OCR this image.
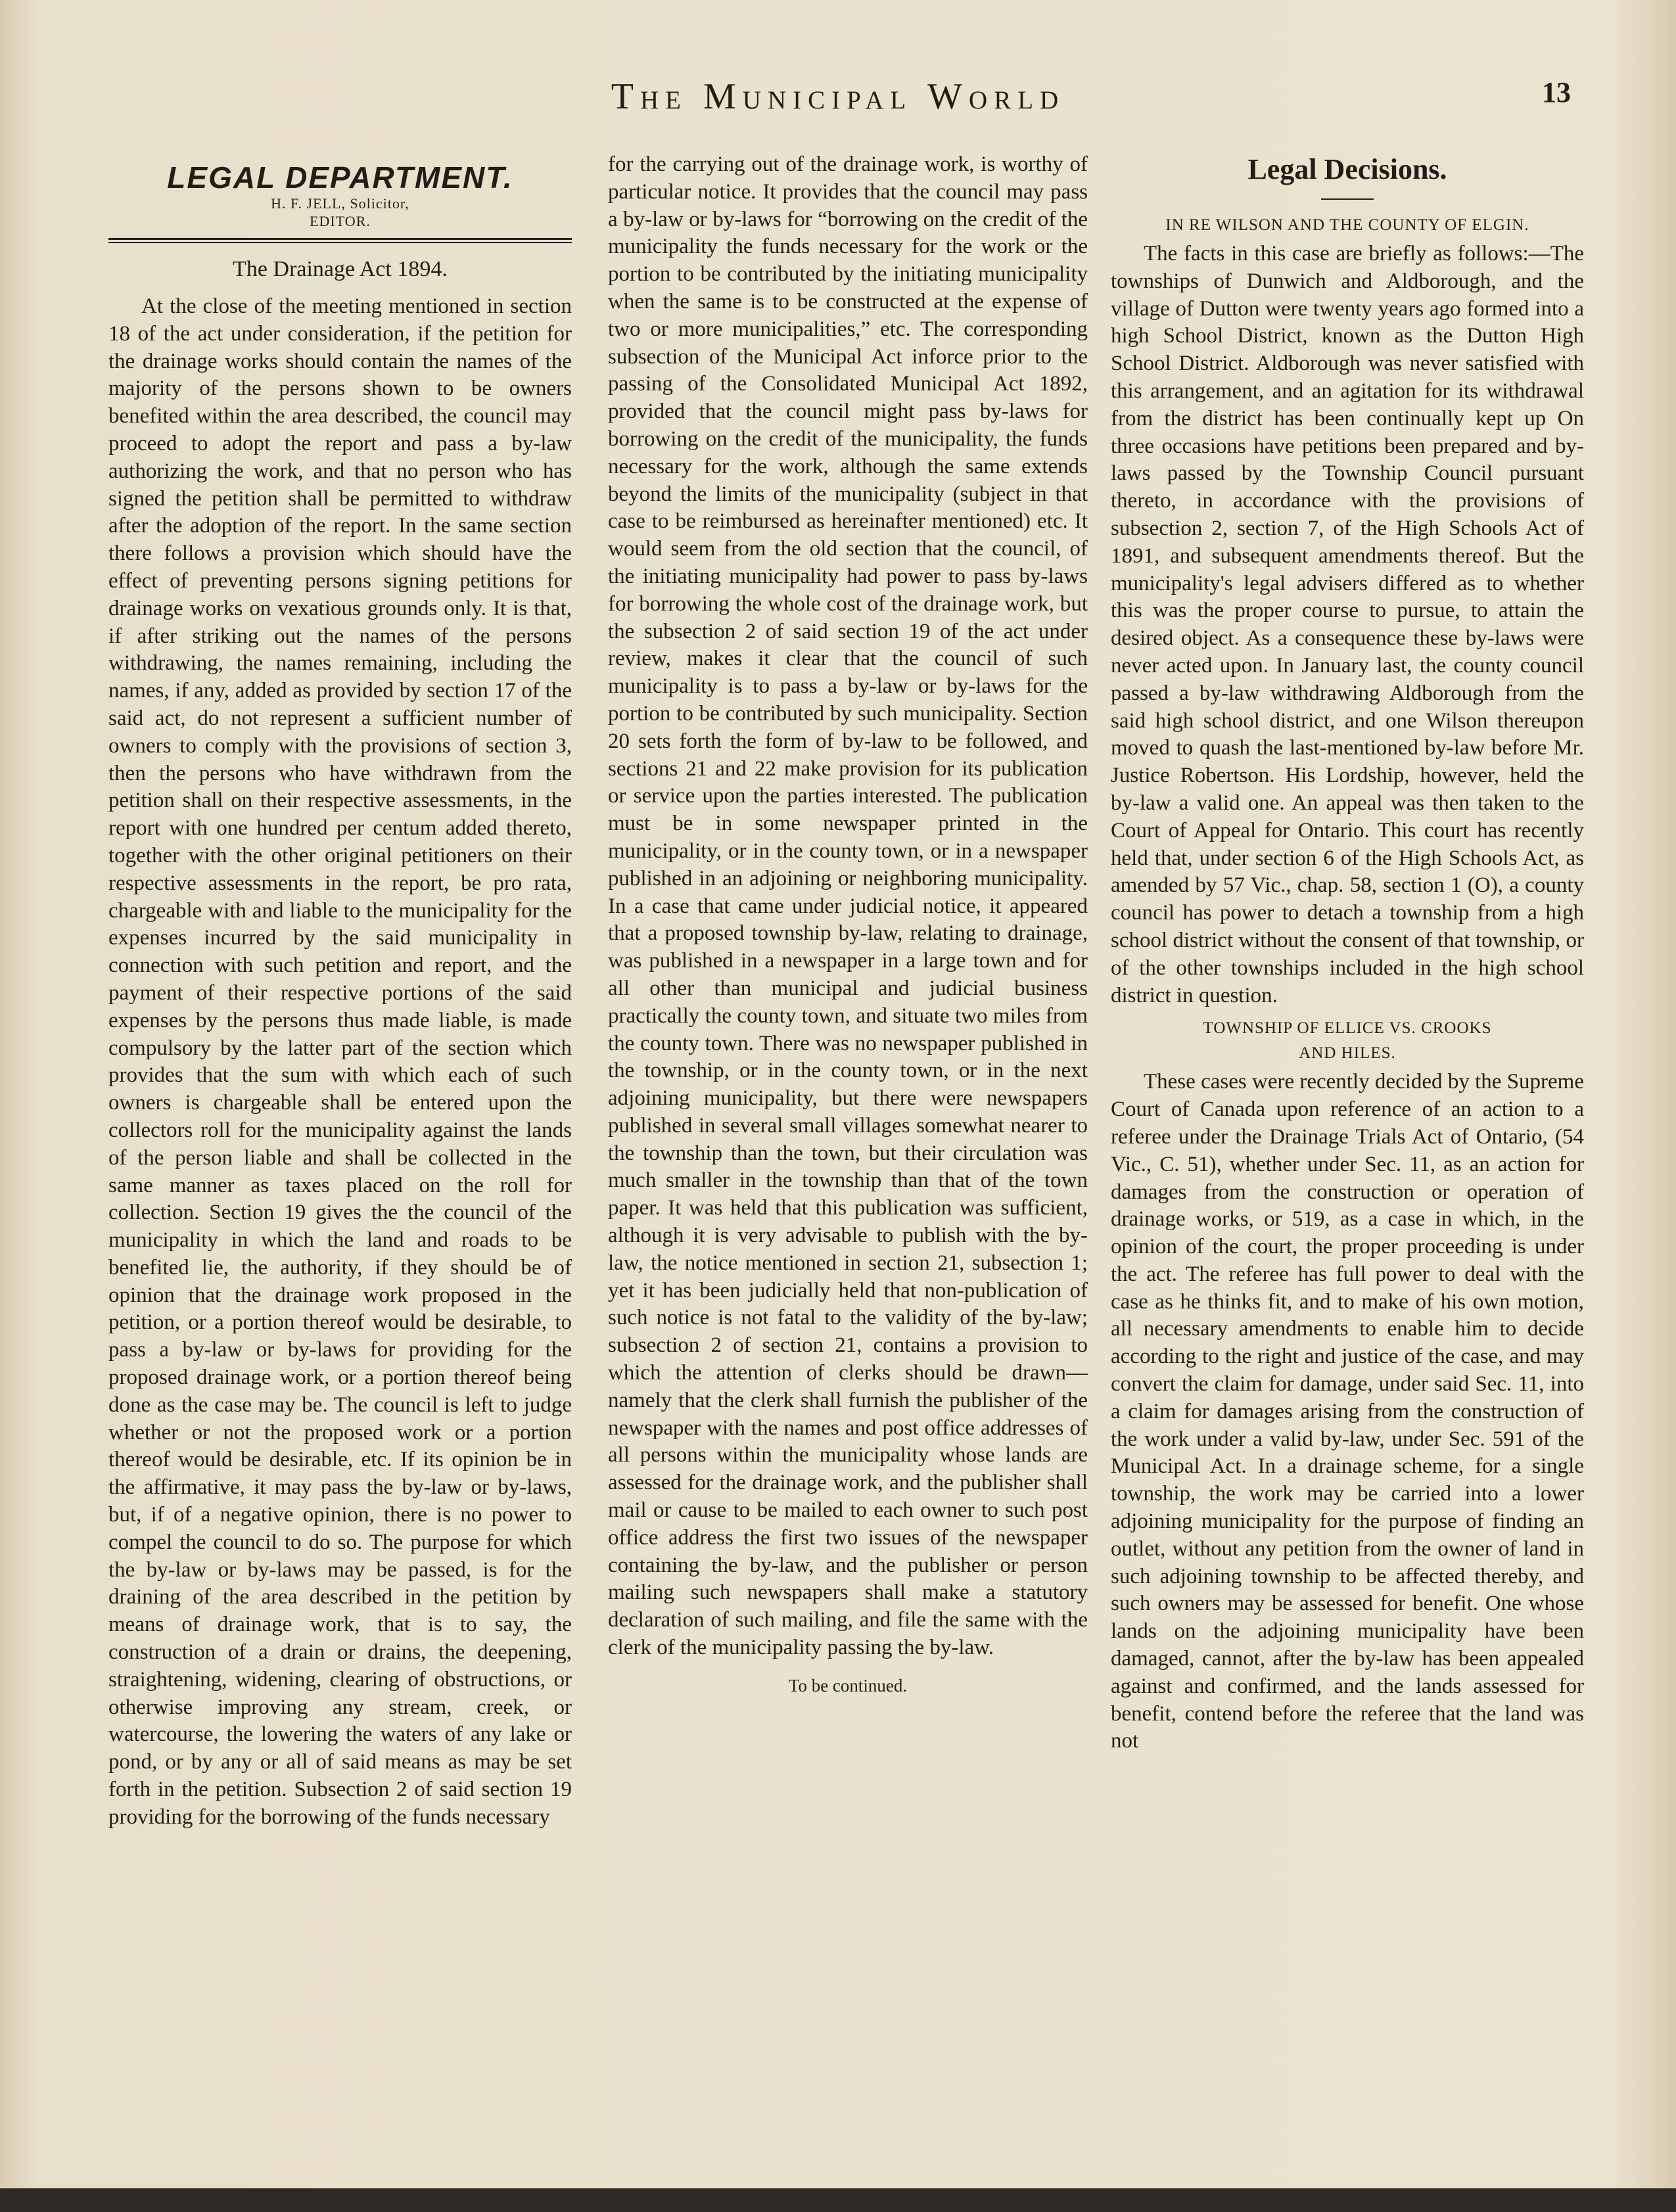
The Municipal World	13
LEGAL DEPARTMENT.
H. F. JELL, Solicitor,
EDITOR.
The Drainage Act 1894.

At the close of the meeting mentioned in section 18 of the act under consideration, if the petition for the drainage works should contain the names of the majority of the persons shown to be owners benefited within the area described, the council may proceed to adopt the report and pass a by-law authorizing the work, and that no person who has signed the petition shall be permitted to withdraw after the adoption of the report. In the same section there follows a provision which should have the effect of preventing persons signing petitions for drainage works on vexatious grounds only. It is that, if after striking out the names of the persons withdrawing, the names remaining, including the names, if any, added as provided by section 17 of the said act, do not represent a sufficient number of owners to comply with the provisions of section 3, then the persons who have withdrawn from the petition shall on their respective assessments, in the report with one hundred per centum added thereto, together with the other original petitioners on their respective assessments in the report, be pro rata, chargeable with and liable to the municipality for the expenses incurred by the said municipality in connection with such petition and report, and the payment of their respective portions of the said expenses by the persons thus made liable, is made compulsory by the latter part of the section which provides that the sum with which each of such owners is chargeable shall be entered upon the collectors roll for the municipality against the lands of the person liable and shall be collected in the same manner as taxes placed on the roll for collection. Section 19 gives the the council of the municipality in which the land and roads to be benefited lie, the authority, if they should be of opinion that the drainage work proposed in the petition, or a portion thereof would be desirable, to pass a by-law or by-laws for providing for the proposed drainage work, or a portion thereof being done as the case may be. The council is left to judge whether or not the proposed work or a portion thereof would be desirable, etc. If its opinion be in the affirmative, it may pass the by-law or by-laws, but, if of a negative opinion, there is no power to compel the council to do so. The purpose for which the by-law or by-laws may be passed, is for the draining of the area described in the petition by means of drainage work, that is to say, the construction of a drain or drains, the deepening, straightening, widening, clearing of obstructions, or otherwise improving any stream, creek, or watercourse, the lowering the waters of any lake or pond, or by any or all of said means as may be set forth in the petition. Subsection 2 of said section 19 providing for the borrowing of the funds necessary

for the carrying out of the drainage work, is worthy of particular notice. It provides that the council may pass a by-law or by-laws for “borrowing on the credit of the municipality the funds necessary for the work or the portion to be contributed by the initiating municipality when the same is to be constructed at the expense of two or more municipalities,” etc. The corresponding subsection of the Municipal Act inforce prior to the passing of the Consolidated Municipal Act 1892, provided that the council might pass by-laws for borrowing on the credit of the municipality, the funds necessary for the work, although the same extends beyond the limits of the municipality (subject in that case to be reimbursed as hereinafter mentioned) etc. It would seem from the old section that the council, of the initiating municipality had power to pass by-laws for borrowing the whole cost of the drainage work, but the subsection 2 of said section 19 of the act under review, makes it clear that the council of such municipality is to pass a by-law or by-laws for the portion to be contributed by such municipality. Section 20 sets forth the form of by-law to be followed, and sections 21 and 22 make provision for its publication or service upon the parties interested. The publication must be in some newspaper printed in the municipality, or in the county town, or in a newspaper published in an adjoining or neighboring municipality. In a case that came under judicial notice, it appeared that a proposed township by-law, relating to drainage, was published in a newspaper in a large town and for all other than municipal and judicial business practically the county town, and situate two miles from the county town. There was no newspaper published in the township, or in the county town, or in the next adjoining municipality, but there were newspapers published in several small villages somewhat nearer to the township than the town, but their circulation was much smaller in the township than that of the town paper. It was held that this publication was sufficient, although it is very advisable to publish with the by-law, the notice mentioned in section 21, subsection 1; yet it has been judicially held that non-publication of such notice is not fatal to the validity of the by-law; subsection 2 of section 21, contains a provision to which the attention of clerks should be drawn—namely that the clerk shall furnish the publisher of the newspaper with the names and post office addresses of all persons within the municipality whose lands are assessed for the drainage work, and the publisher shall mail or cause to be mailed to each owner to such post office address the first two issues of the newspaper containing the by-law, and the publisher or person mailing such newspapers shall make a statutory declaration of such mailing, and file the same with the clerk of the municipality passing the by-law.

To be continued.
Legal Decisions.
IN RE WILSON AND THE COUNTY OF ELGIN.

The facts in this case are briefly as follows:—The townships of Dunwich and Aldborough, and the village of Dutton were twenty years ago formed into a high School District, known as the Dutton High School District. Aldborough was never satisfied with this arrangement, and an agitation for its withdrawal from the district has been continually kept up On three occasions have petitions been prepared and by-laws passed by the Township Council pursuant thereto, in accordance with the provisions of subsection 2, section 7, of the High Schools Act of 1891, and subsequent amendments thereof. But the municipality's legal advisers differed as to whether this was the proper course to pursue, to attain the desired object. As a consequence these by-laws were never acted upon. In January last, the county council passed a by-law withdrawing Aldborough from the said high school district, and one Wilson thereupon moved to quash the last-mentioned by-law before Mr. Justice Robertson. His Lordship, however, held the by-law a valid one. An appeal was then taken to the Court of Appeal for Ontario. This court has recently held that, under section 6 of the High Schools Act, as amended by 57 Vic., chap. 58, section 1 (O), a county council has power to detach a township from a high school district without the consent of that township, or of the other townships included in the high school district in question.

TOWNSHIP OF ELLICE VS. CROOKS
AND HILES.

These cases were recently decided by the Supreme Court of Canada upon reference of an action to a referee under the Drainage Trials Act of Ontario, (54 Vic., C. 51), whether under Sec. 11, as an action for damages from the construction or operation of drainage works, or 519, as a case in which, in the opinion of the court, the proper proceeding is under the act. The referee has full power to deal with the case as he thinks fit, and to make of his own motion, all necessary amendments to enable him to decide according to the right and justice of the case, and may convert the claim for damage, under said Sec. 11, into a claim for damages arising from the construction of the work under a valid by-law, under Sec. 591 of the Municipal Act. In a drainage scheme, for a single township, the work may be carried into a lower adjoining municipality for the purpose of finding an outlet, without any petition from the owner of land in such adjoining township to be affected thereby, and such owners may be assessed for benefit. One whose lands on the adjoining municipality have been damaged, cannot, after the by-law has been appealed against and confirmed, and the lands assessed for benefit, contend before the referee that the land was not
